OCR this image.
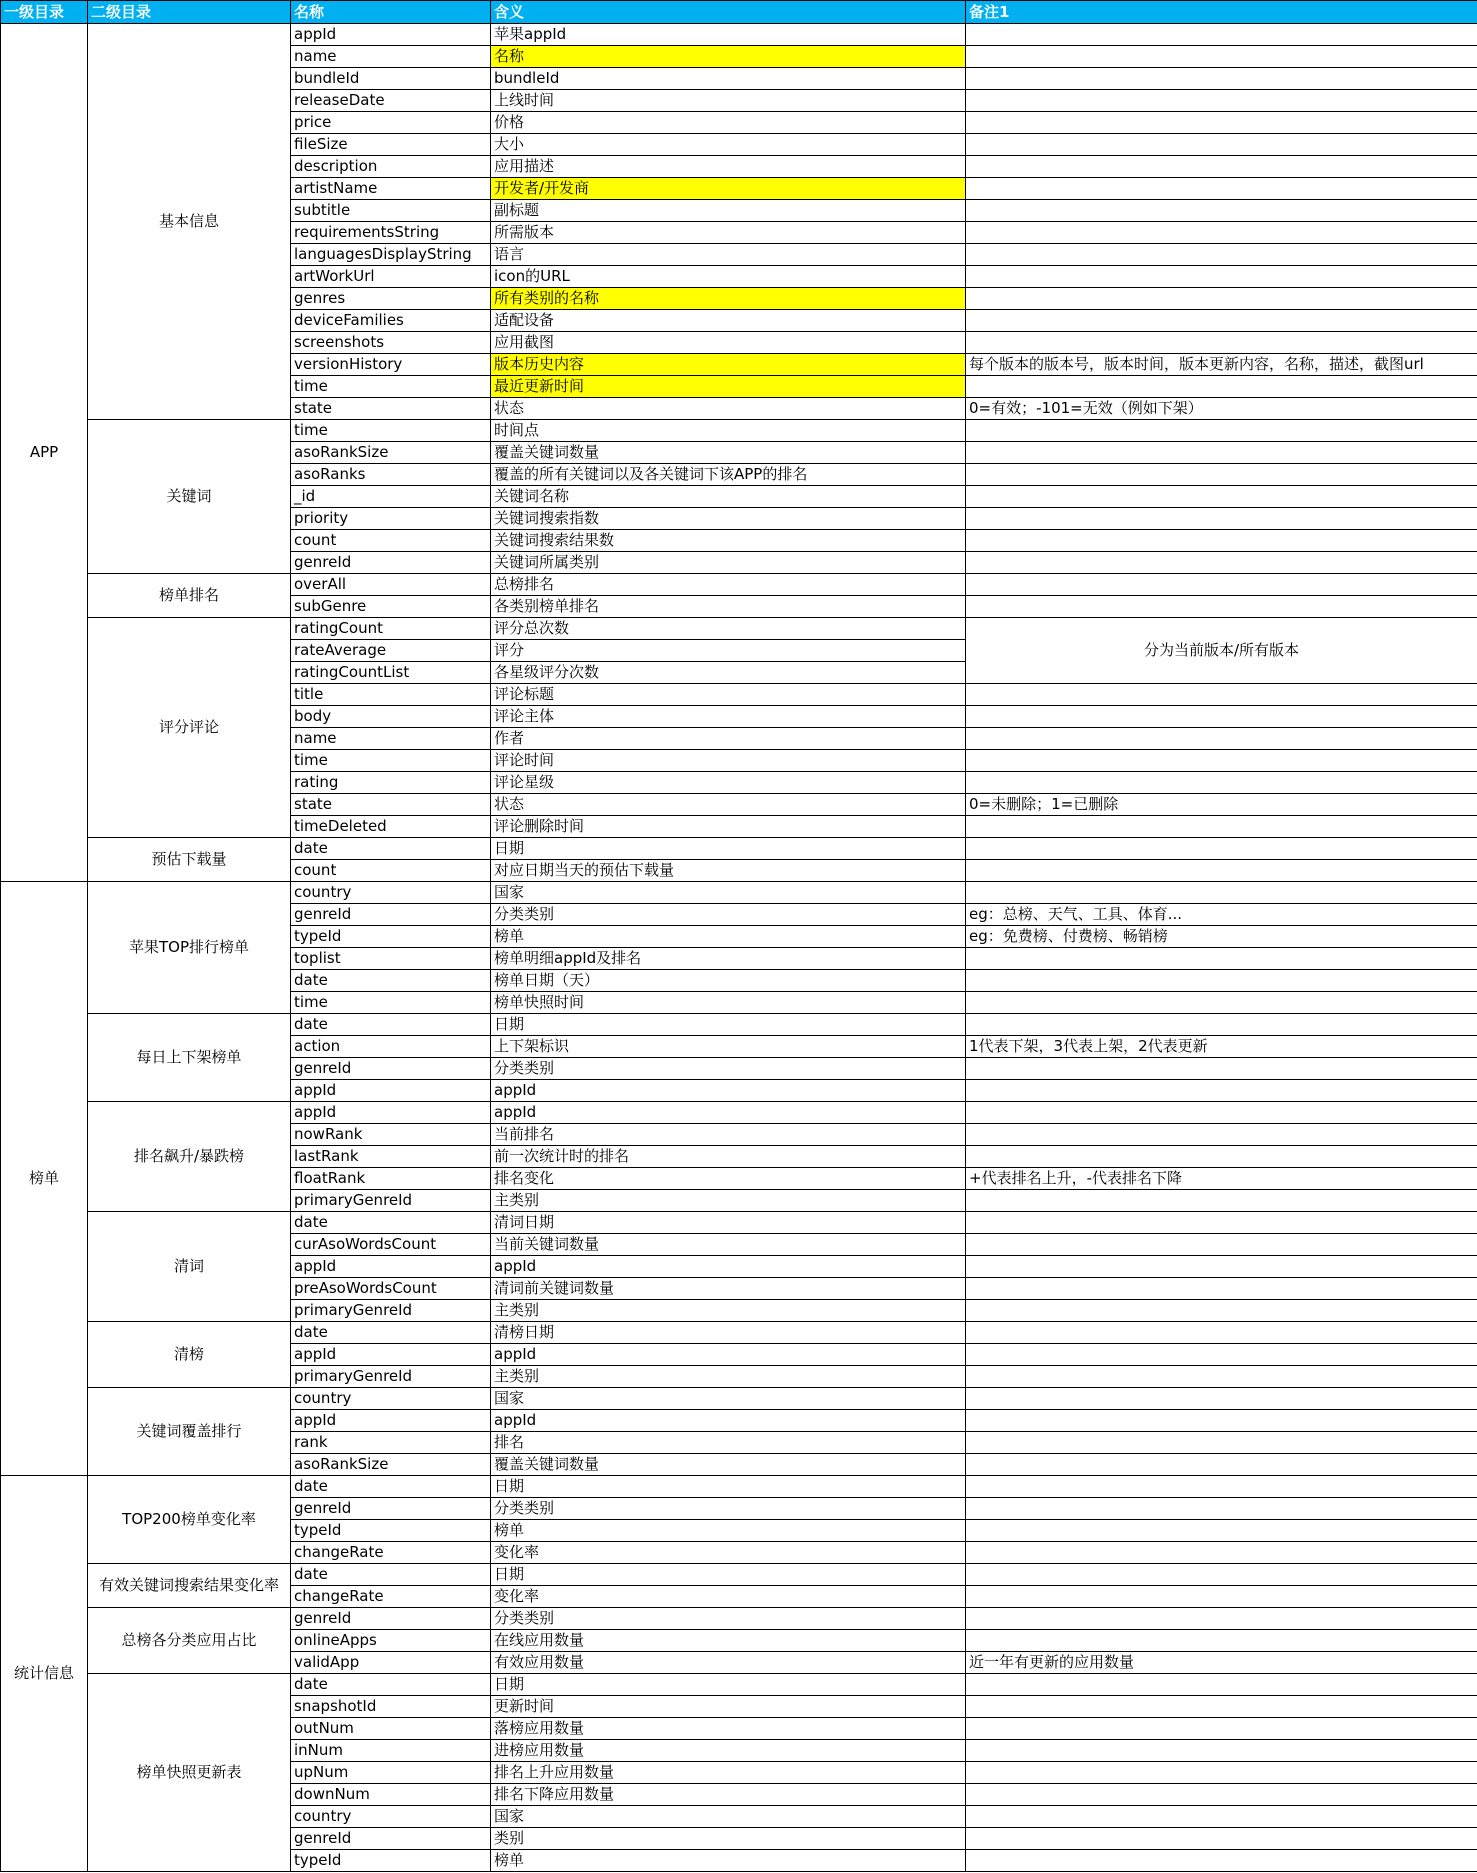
一级目录	二级目录	名称	含义	备注1
APP	基本信息	appId	苹果appId	
		name	名称	
		bundleId	bundleId	
		releaseDate	上线时间	
		price	价格	
		fileSize	大小	
		description	应用描述	
		artistName	开发者/开发商	
		subtitle	副标题	
		requirementsString	所需版本	
		languagesDisplayString	语言	
		artWorkUrl	icon的URL	
		genres	所有类别的名称	
		deviceFamilies	适配设备	
		screenshots	应用截图	
		versionHistory	版本历史内容	每个版本的版本号，版本时间，版本更新内容，名称，描述，截图url
		time	最近更新时间	
		state	状态	0=有效；-101=无效（例如下架）
	关键词	time	时间点	
		asoRankSize	覆盖关键词数量	
		asoRanks	覆盖的所有关键词以及各关键词下该APP的排名	
		_id	关键词名称	
		priority	关键词搜索指数	
		count	关键词搜索结果数	
		genreId	关键词所属类别	
	榜单排名	overAll	总榜排名	
		subGenre	各类别榜单排名	
	评分评论	ratingCount	评分总次数	分为当前版本/所有版本
		rateAverage	评分	
		ratingCountList	各星级评分次数	
		title	评论标题	
		body	评论主体	
		name	作者	
		time	评论时间	
		rating	评论星级	
		state	状态	0=未删除；1=已删除
		timeDeleted	评论删除时间	
	预估下载量	date	日期	
		count	对应日期当天的预估下载量	
榜单	苹果TOP排行榜单	country	国家	
		genreId	分类类别	eg：总榜、天气、工具、体育...
		typeId	榜单	eg：免费榜、付费榜、畅销榜
		toplist	榜单明细appId及排名	
		date	榜单日期（天）	
		time	榜单快照时间	
	每日上下架榜单	date	日期	
		action	上下架标识	1代表下架，3代表上架，2代表更新
		genreId	分类类别	
		appId	appId	
	排名飙升/暴跌榜	appId	appId	
		nowRank	当前排名	
		lastRank	前一次统计时的排名	
		floatRank	排名变化	+代表排名上升，-代表排名下降
		primaryGenreId	主类别	
	清词	date	清词日期	
		curAsoWordsCount	当前关键词数量	
		appId	appId	
		preAsoWordsCount	清词前关键词数量	
		primaryGenreId	主类别	
	清榜	date	清榜日期	
		appId	appId	
		primaryGenreId	主类别	
	关键词覆盖排行	country	国家	
		appId	appId	
		rank	排名	
		asoRankSize	覆盖关键词数量	
统计信息	TOP200榜单变化率	date	日期	
		genreId	分类类别	
		typeId	榜单	
		changeRate	变化率	
	有效关键词搜索结果变化率	date	日期	
		changeRate	变化率	
	总榜各分类应用占比	genreId	分类类别	
		onlineApps	在线应用数量	
		validApp	有效应用数量	近一年有更新的应用数量
	榜单快照更新表	date	日期	
		snapshotId	更新时间	
		outNum	落榜应用数量	
		inNum	进榜应用数量	
		upNum	排名上升应用数量	
		downNum	排名下降应用数量	
		country	国家	
		genreId	类别	
		typeId	榜单	
